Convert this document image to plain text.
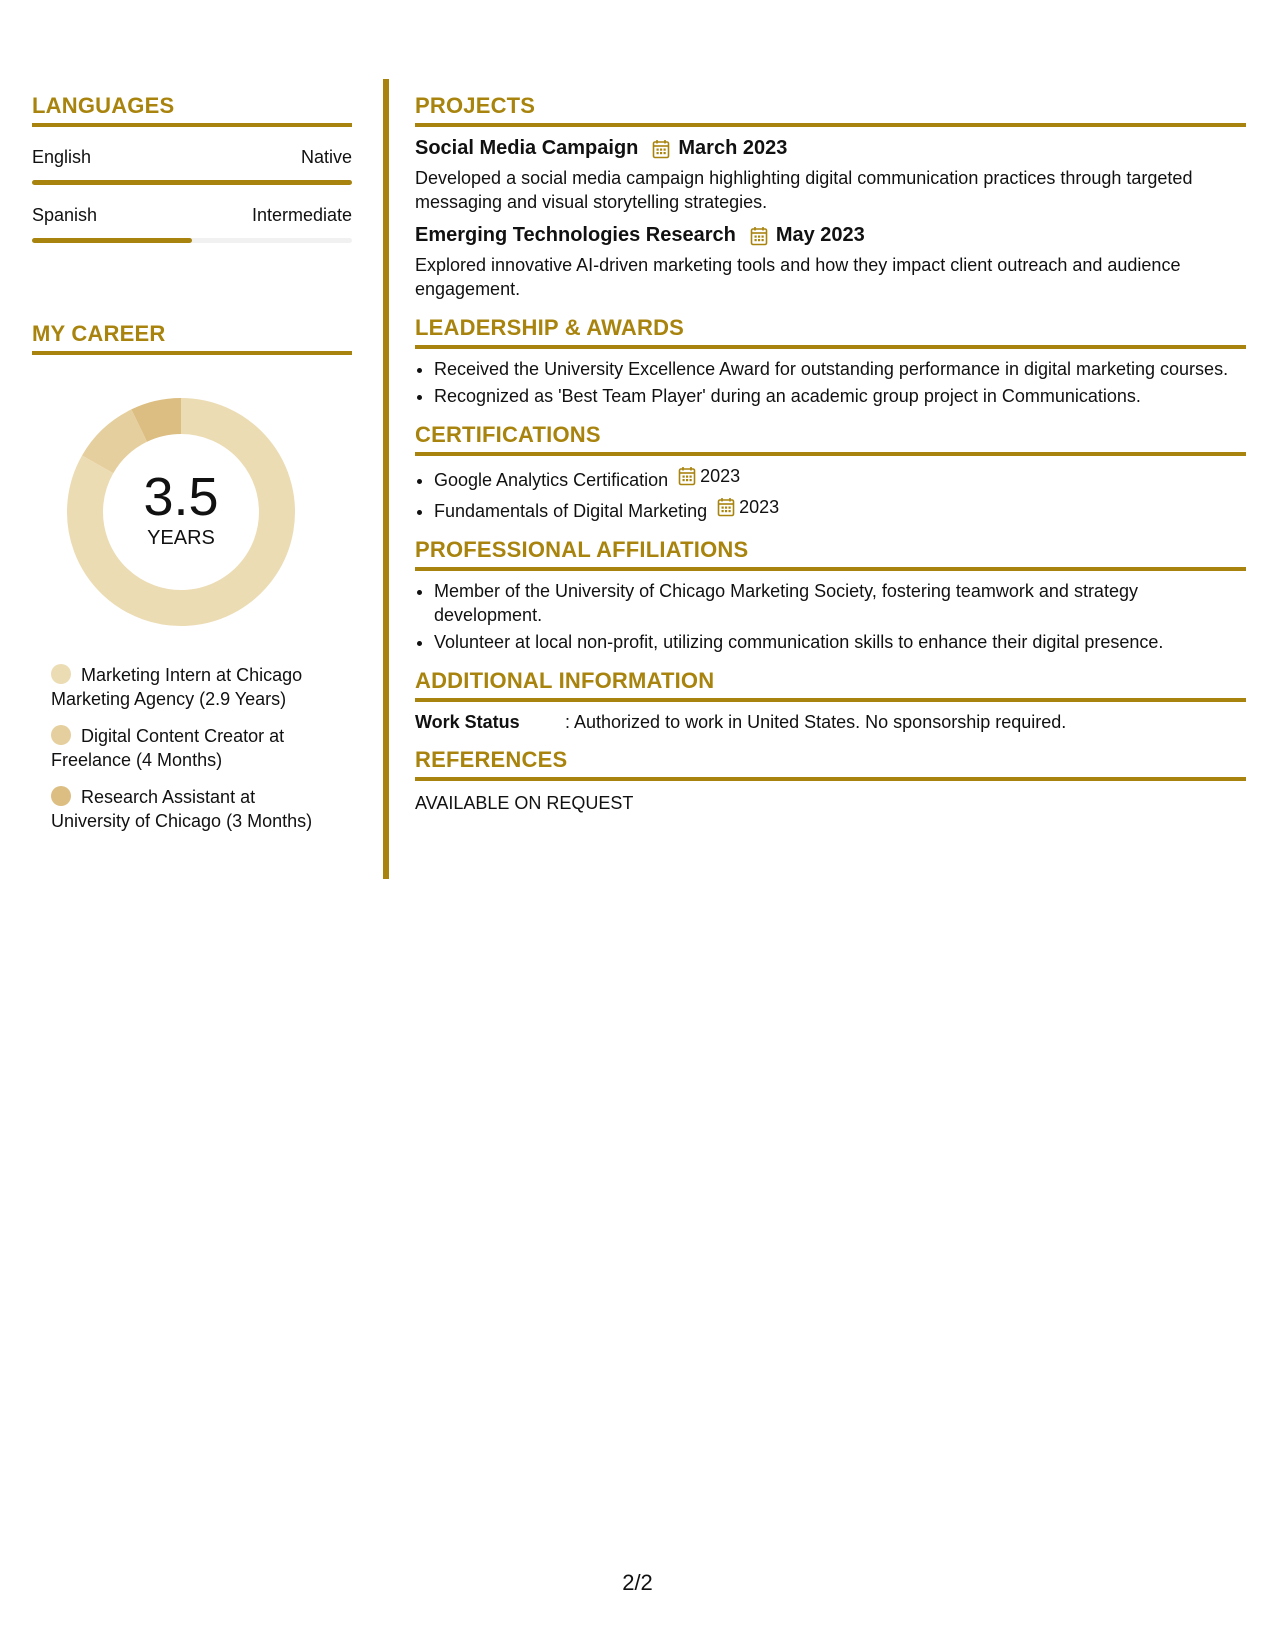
LANGUAGES
English	Native
Spanish	Intermediate
MY CAREER
3.5
YEARS
Marketing Intern at Chicago Marketing Agency (2.9 Years)
Digital Content Creator at Freelance (4 Months)
Research Assistant at University of Chicago (3 Months)
PROJECTS
Social Media Campaign March 2023
Developed a social media campaign highlighting digital communication practices through targeted messaging and visual storytelling strategies.
Emerging Technologies Research May 2023
Explored innovative AI-driven marketing tools and how they impact client outreach and audience engagement.
LEADERSHIP & AWARDS
• Received the University Excellence Award for outstanding performance in digital marketing courses.
• Recognized as 'Best Team Player' during an academic group project in Communications.
CERTIFICATIONS
• Google Analytics Certification 2023
• Fundamentals of Digital Marketing 2023
PROFESSIONAL AFFILIATIONS
• Member of the University of Chicago Marketing Society, fostering teamwork and strategy development.
• Volunteer at local non-profit, utilizing communication skills to enhance their digital presence.
ADDITIONAL INFORMATION
Work Status	: Authorized to work in United States. No sponsorship required.
REFERENCES
AVAILABLE ON REQUEST
2/2
